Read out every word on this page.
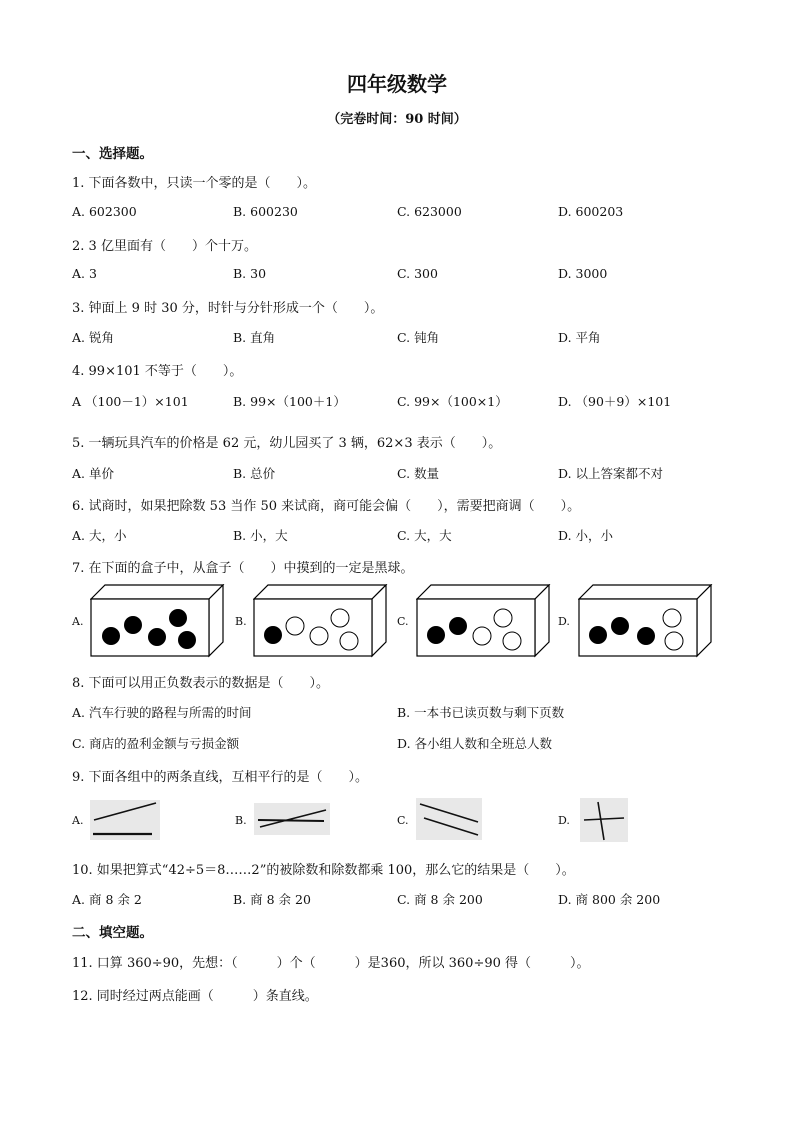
四年级数学
（完卷时间：90 时间）
一、选择题。
1. 下面各数中，只读一个零的是（　　）。
A. 602300	B. 600230	C. 623000	D. 600203
2. 3 亿里面有（　　）个十万。
A. 3	B. 30	C. 300	D. 3000
3. 钟面上 9 时 30 分，时针与分针形成一个（　　）。
A. 锐角	B. 直角	C. 钝角	D. 平角
4. 99×101 不等于（　　）。
A （100－1）×101	B. 99×（100＋1）	C. 99×（100×1）	D. （90＋9）×101
5. 一辆玩具汽车的价格是 62 元，幼儿园买了 3 辆，62×3 表示（　　）。
A. 单价	B. 总价	C. 数量	D. 以上答案都不对
6. 试商时，如果把除数 53 当作 50 来试商，商可能会偏（　　），需要把商调（　　）。
A. 大，小	B. 小，大	C. 大，大	D. 小，小
7. 在下面的盒子中，从盒子（　　）中摸到的一定是黑球。
A.	B.	C.	D.
8. 下面可以用正负数表示的数据是（　　）。
A. 汽车行驶的路程与所需的时间	B. 一本书已读页数与剩下页数
C. 商店的盈利金额与亏损金额	D. 各小组人数和全班总人数
9. 下面各组中的两条直线，互相平行的是（　　）。
A.	B.	C.	D.
10. 如果把算式“42÷5＝8……2”的被除数和除数都乘 100，那么它的结果是（　　）。
A. 商 8 余 2	B. 商 8 余 20	C. 商 8 余 200	D. 商 800 余 200
二、填空题。
11. 口算 360÷90，先想：（　　　）个（　　　）是360，所以 360÷90 得（　　　）。
12. 同时经过两点能画（　　　）条直线。
